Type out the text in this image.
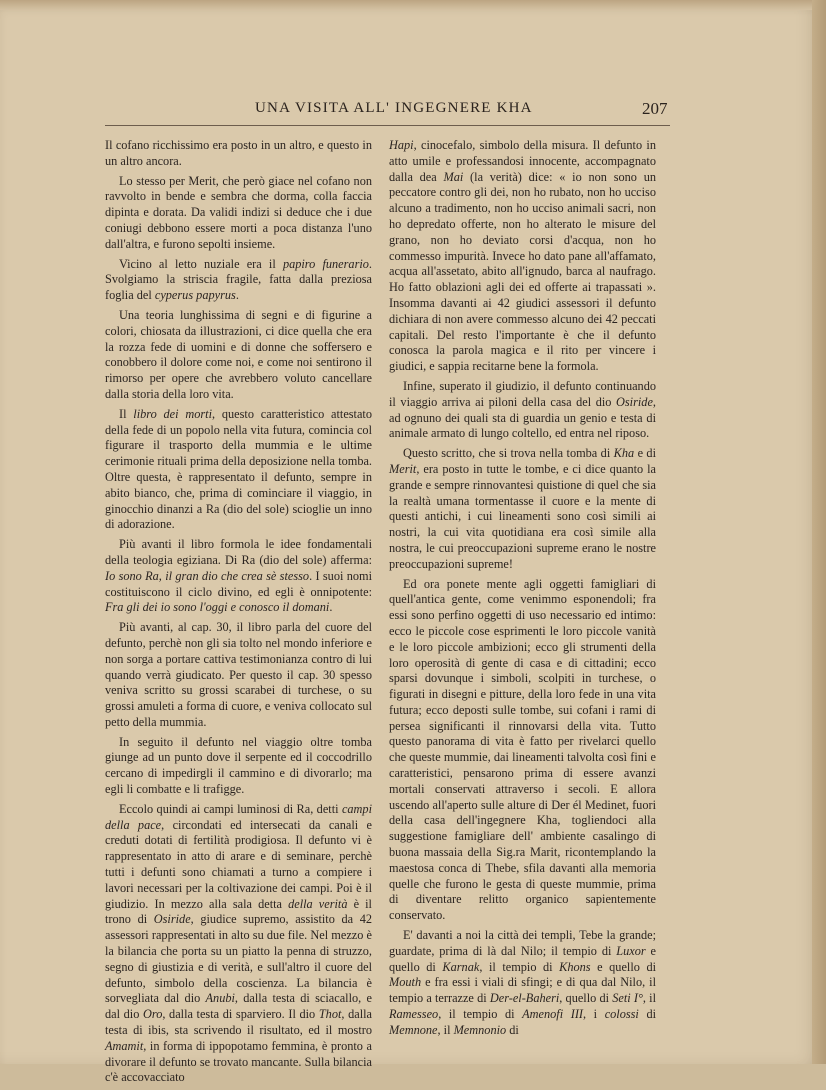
UNA VISITA ALL' INGEGNERE KHA	207

Il cofano ricchissimo era posto in un altro, e questo in un altro ancora.

Lo stesso per Merit, che però giace nel cofano non ravvolto in bende e sembra che dorma, colla faccia dipinta e dorata. Da validi indizi si deduce che i due coniugi debbono essere morti a poca distanza l'uno dall'altra, e furono sepolti insieme.

Vicino al letto nuziale era il papiro funerario. Svolgiamo la striscia fragile, fatta dalla preziosa foglia del cyperus papyrus.

Una teoria lunghissima di segni e di figurine a colori, chiosata da illustrazioni, ci dice quella che era la rozza fede di uomini e di donne che soffersero e conobbero il dolore come noi, e come noi sentirono il rimorso per opere che avrebbero voluto cancellare dalla storia della loro vita.

Il libro dei morti, questo caratteristico attestato della fede di un popolo nella vita futura, comincia col figurare il trasporto della mummia e le ultime cerimonie rituali prima della deposizione nella tomba. Oltre questa, è rappresentato il defunto, sempre in abito bianco, che, prima di cominciare il viaggio, in ginocchio dinanzi a Ra (dio del sole) scioglie un inno di adorazione.

Più avanti il libro formola le idee fondamentali della teologia egiziana. Di Ra (dio del sole) afferma: Io sono Ra, il gran dio che crea sè stesso. I suoi nomi costituiscono il ciclo divino, ed egli è onnipotente: Fra gli dei io sono l'oggi e conosco il domani.

Più avanti, al cap. 30, il libro parla del cuore del defunto, perchè non gli sia tolto nel mondo inferiore e non sorga a portare cattiva testimonianza contro di lui quando verrà giudicato. Per questo il cap. 30 spesso veniva scritto su grossi scarabei di turchese, o su grossi amuleti a forma di cuore, e veniva collocato sul petto della mummia.

In seguito il defunto nel viaggio oltre tomba giunge ad un punto dove il serpente ed il coccodrillo cercano di impedirgli il cammino e di divorarlo; ma egli li combatte e li trafigge.

Eccolo quindi ai campi luminosi di Ra, detti campi della pace, circondati ed intersecati da canali e creduti dotati di fertilità prodigiosa. Il defunto vi è rappresentato in atto di arare e di seminare, perchè tutti i defunti sono chiamati a turno a compiere i lavori necessari per la coltivazione dei campi. Poi è il giudizio. In mezzo alla sala detta della verità è il trono di Osiride, giudice supremo, assistito da 42 assessori rappresentati in alto su due file. Nel mezzo è la bilancia che porta su un piatto la penna di struzzo, segno di giustizia e di verità, e sull'altro il cuore del defunto, simbolo della coscienza. La bilancia è sorvegliata dal dio Anubi, dalla testa di sciacallo, e dal dio Oro, dalla testa di sparviero. Il dio Thot, dalla testa di ibis, sta scrivendo il risultato, ed il mostro Amamit, in forma di ippopotamo femmina, è pronto a divorare il defunto se trovato mancante. Sulla bilancia c'è accovacciato

Hapi, cinocefalo, simbolo della misura. Il defunto in atto umile e professandosi innocente, accompagnato dalla dea Mai (la verità) dice: « io non sono un peccatore contro gli dei, non ho rubato, non ho ucciso alcuno a tradimento, non ho ucciso animali sacri, non ho depredato offerte, non ho alterato le misure del grano, non ho deviato corsi d'acqua, non ho commesso impurità. Invece ho dato pane all'affamato, acqua all'assetato, abito all'ignudo, barca al naufrago. Ho fatto oblazioni agli dei ed offerte ai trapassati ». Insomma davanti ai 42 giudici assessori il defunto dichiara di non avere commesso alcuno dei 42 peccati capitali. Del resto l'importante è che il defunto conosca la parola magica e il rito per vincere i giudici, e sappia recitarne bene la formola.

Infine, superato il giudizio, il defunto continuando il viaggio arriva ai piloni della casa del dio Osiride, ad ognuno dei quali sta di guardia un genio e testa di animale armato di lungo coltello, ed entra nel riposo.

Questo scritto, che si trova nella tomba di Kha e di Merit, era posto in tutte le tombe, e ci dice quanto la grande e sempre rinnovantesi quistione di quel che sia la realtà umana tormentasse il cuore e la mente di questi antichi, i cui lineamenti sono così simili ai nostri, la cui vita quotidiana era così simile alla nostra, le cui preoccupazioni supreme erano le nostre preoccupazioni supreme!

Ed ora ponete mente agli oggetti famigliari di quell'antica gente, come venimmo esponendoli; fra essi sono perfino oggetti di uso necessario ed intimo: ecco le piccole cose esprimenti le loro piccole vanità e le loro piccole ambizioni; ecco gli strumenti della loro operosità di gente di casa e di cittadini; ecco sparsi dovunque i simboli, scolpiti in turchese, o figurati in disegni e pitture, della loro fede in una vita futura; ecco deposti sulle tombe, sui cofani i rami di persea significanti il rinnovarsi della vita. Tutto questo panorama di vita è fatto per rivelarci quello che queste mummie, dai lineamenti talvolta così fini e caratteristici, pensarono prima di essere avanzi mortali conservati attraverso i secoli. E allora uscendo all'aperto sulle alture di Der él Medinet, fuori della casa dell'ingegnere Kha, togliendoci alla suggestione famigliare dell' ambiente casalingo di buona massaia della Sig.ra Marit, ricontemplando la maestosa conca di Thebe, sfila davanti alla memoria quelle che furono le gesta di queste mummie, prima di diventare relitto organico sapientemente conservato.

E' davanti a noi la città dei templi, Tebe la grande; guardate, prima di là dal Nilo; il tempio di Luxor e quello di Karnak, il tempio di Khons e quello di Mouth e fra essi i viali di sfingi; e di qua dal Nilo, il tempio a terrazze di Der-el-Baheri, quello di Seti I°, il Ramesseo, il tempio di Amenofi III, i colossi di Memnone, il Memnonio di
